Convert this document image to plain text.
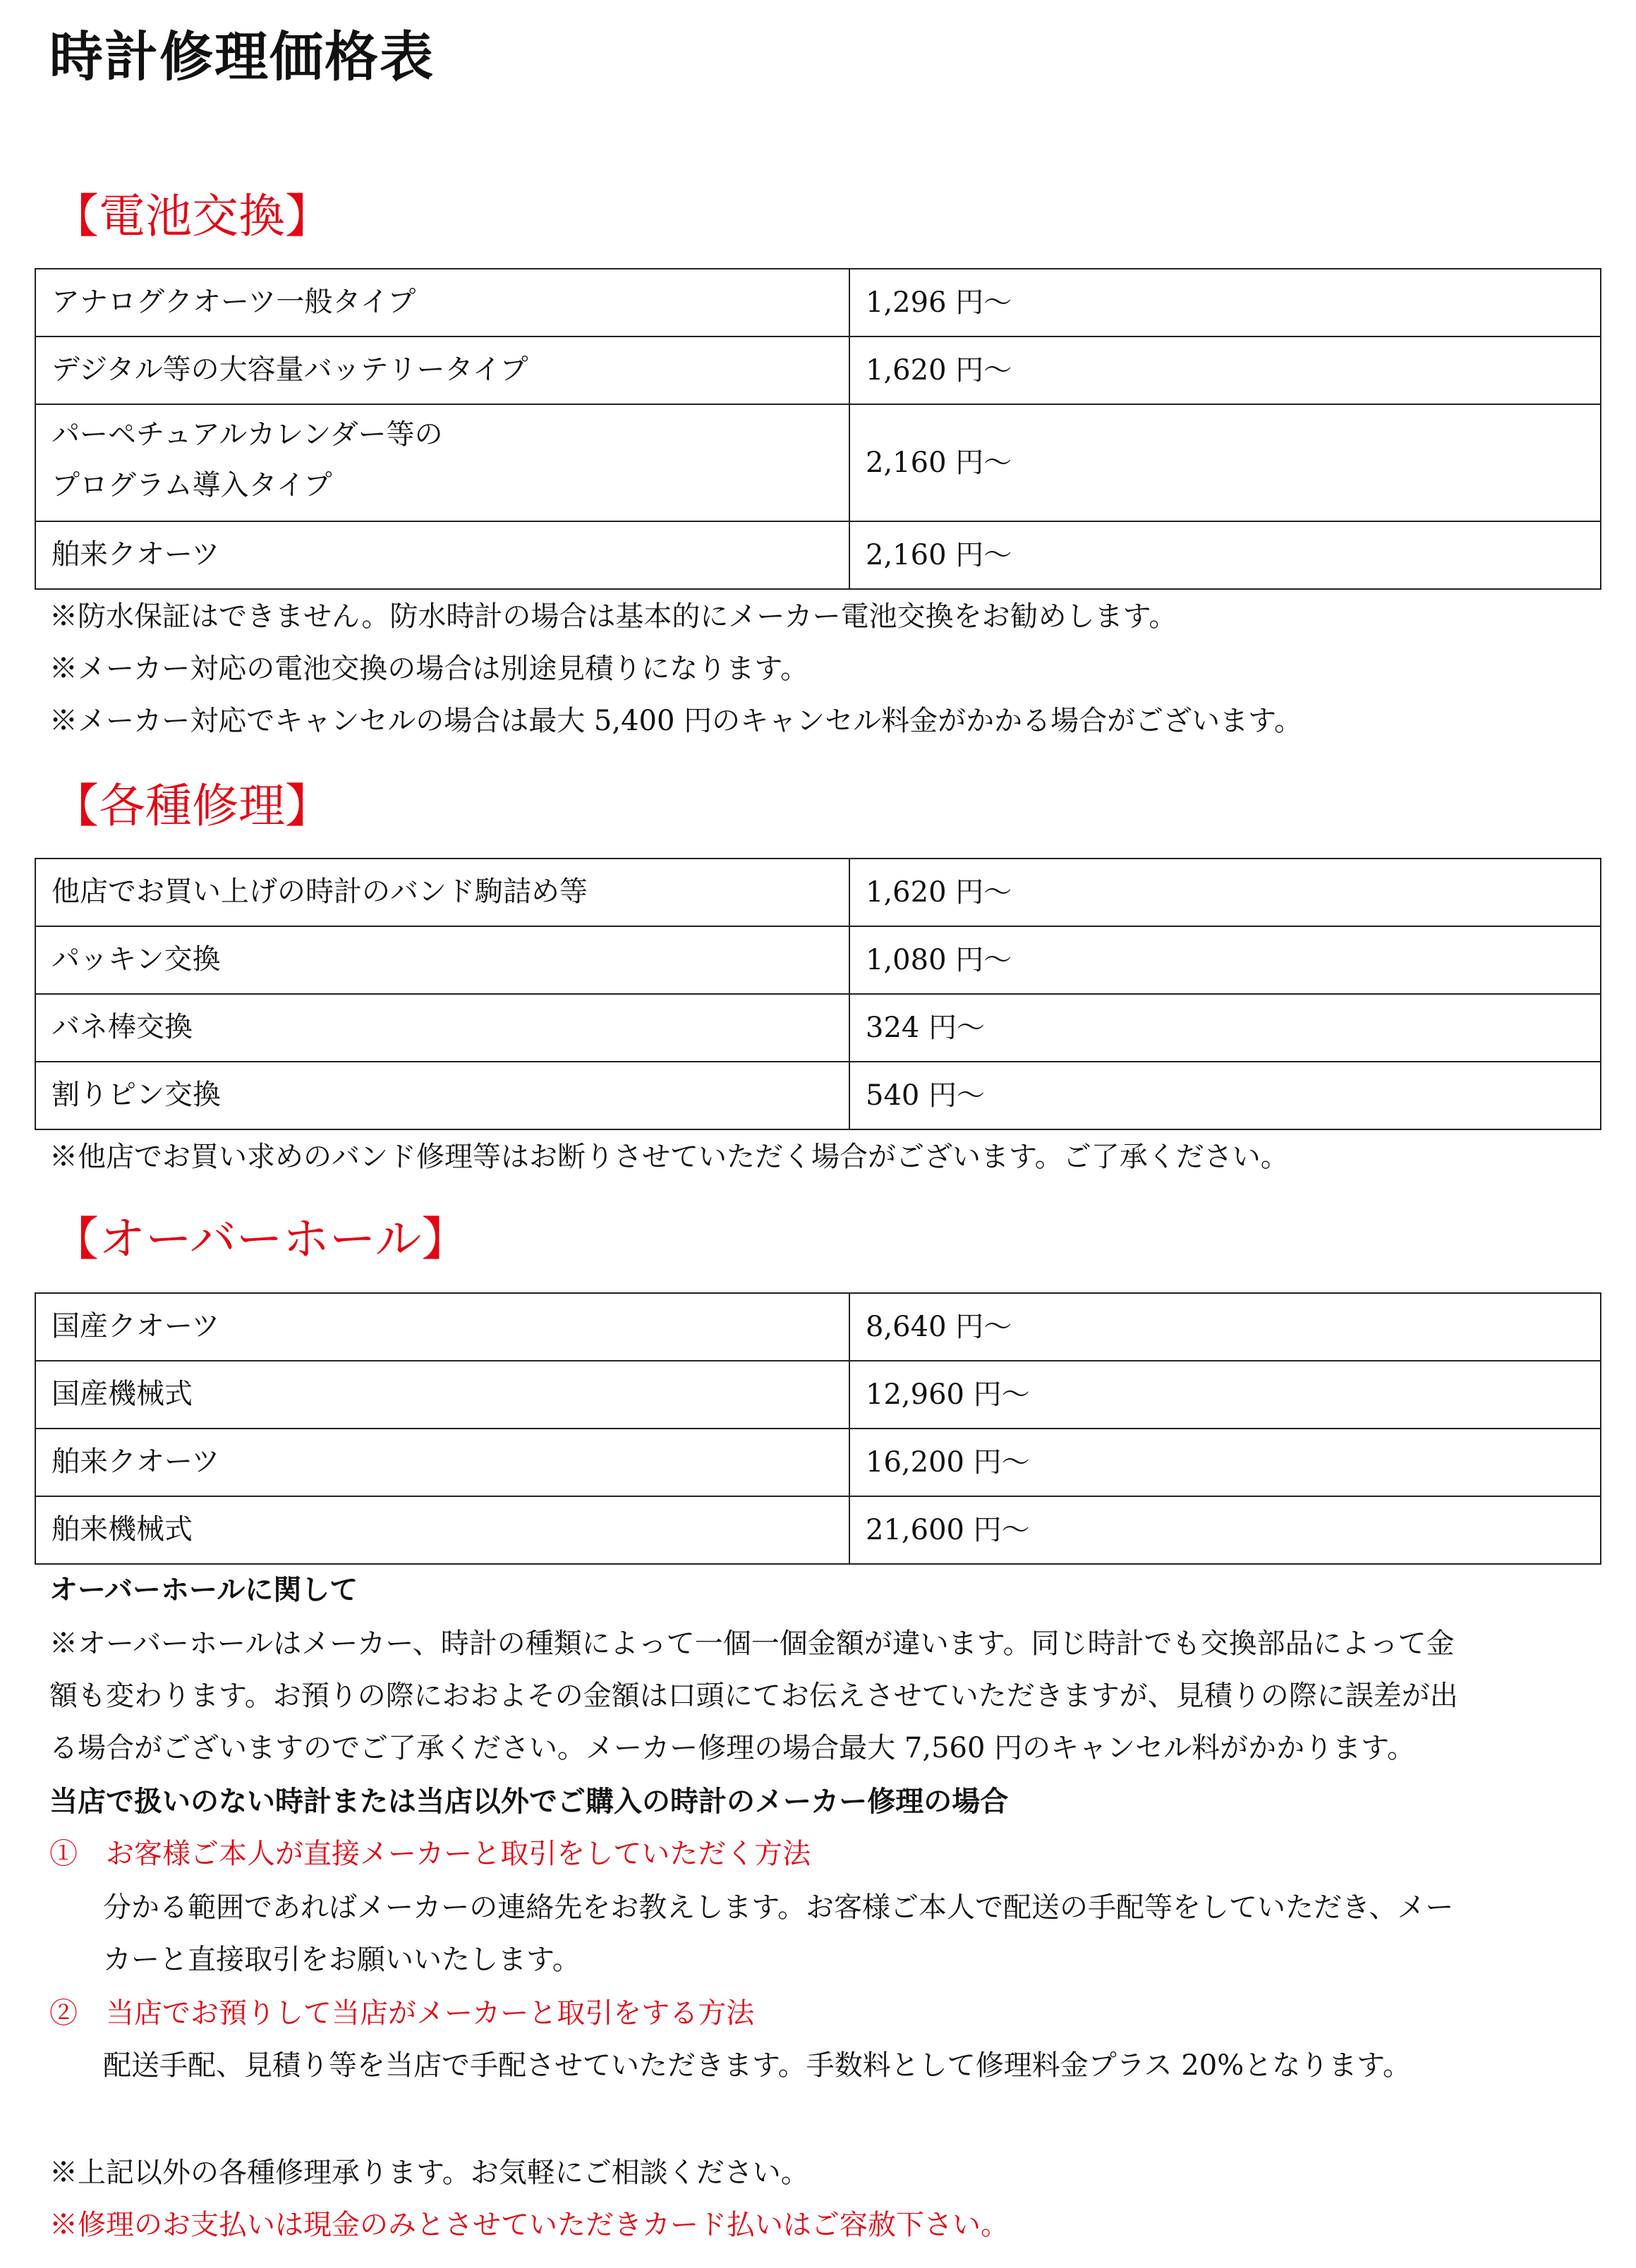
時計修理価格表
【電池交換】
アナログクオーツ一般タイプ	1,296 円〜
デジタル等の大容量バッテリータイプ	1,620 円〜

パーペチュアルカレンダー等の
プログラム導入タイプ	2,160 円〜
舶来クオーツ	2,160 円〜
※防水保証はできません。防水時計の場合は基本的にメーカー電池交換をお勧めします。
※メーカー対応の電池交換の場合は別途見積りになります。
※メーカー対応でキャンセルの場合は最大 5,400 円のキャンセル料金がかかる場合がございます。
【各種修理】
他店でお買い上げの時計のバンド駒詰め等	1,620 円〜
パッキン交換	1,080 円〜
バネ棒交換	324 円〜
割りピン交換	540 円〜
※他店でお買い求めのバンド修理等はお断りさせていただく場合がございます。ご了承ください。
【オーバーホール】
国産クオーツ	8,640 円〜
国産機械式	12,960 円〜
舶来クオーツ	16,200 円〜
舶来機械式	21,600 円〜
オーバーホールに関して
※オーバーホールはメーカー、時計の種類によって一個一個金額が違います。同じ時計でも交換部品によって金
額も変わります。お預りの際におおよその金額は口頭にてお伝えさせていただきますが、見積りの際に誤差が出
る場合がございますのでご了承ください。メーカー修理の場合最大 7,560 円のキャンセル料がかかります。
当店で扱いのない時計または当店以外でご購入の時計のメーカー修理の場合
①　お客様ご本人が直接メーカーと取引をしていただく方法
分かる範囲であればメーカーの連絡先をお教えします。お客様ご本人で配送の手配等をしていただき、メー
カーと直接取引をお願いいたします。
②　当店でお預りして当店がメーカーと取引をする方法
配送手配、見積り等を当店で手配させていただきます。手数料として修理料金プラス 20%となります。
※上記以外の各種修理承ります。お気軽にご相談ください。
※修理のお支払いは現金のみとさせていただきカード払いはご容赦下さい。
